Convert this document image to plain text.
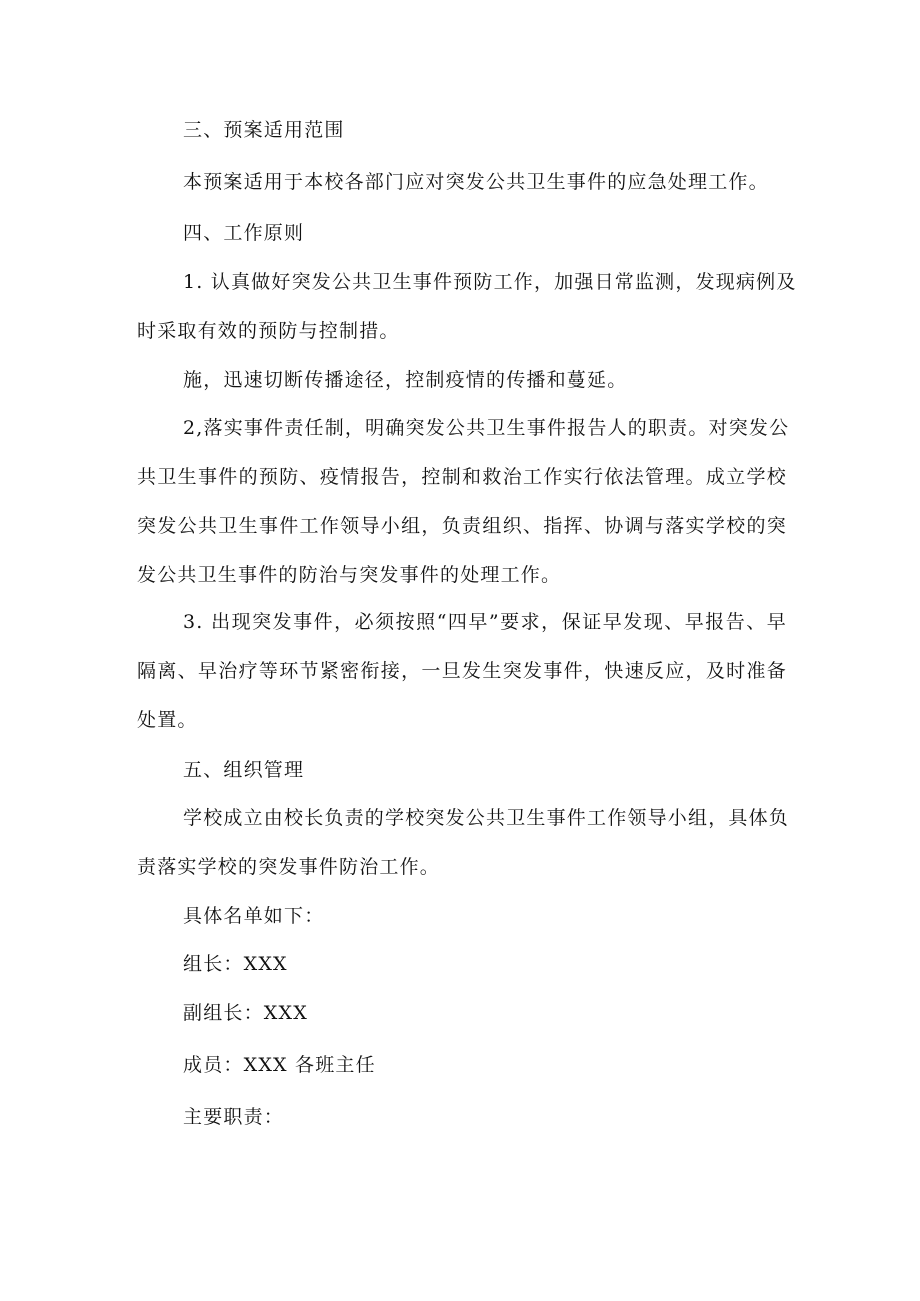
三、预案适用范围
本预案适用于本校各部门应对突发公共卫生事件的应急处理工作。
四、工作原则
1. 认真做好突发公共卫生事件预防工作，加强日常监测，发现病例及
时采取有效的预防与控制措。
施，迅速切断传播途径，控制疫情的传播和蔓延。
2,落实事件责任制，明确突发公共卫生事件报告人的职责。对突发公
共卫生事件的预防、疫情报告，控制和救治工作实行依法管理。成立学校
突发公共卫生事件工作领导小组，负责组织、指挥、协调与落实学校的突
发公共卫生事件的防治与突发事件的处理工作。
3. 出现突发事件，必须按照“四早”要求，保证早发现、早报告、早
隔离、早治疗等环节紧密衔接，一旦发生突发事件，快速反应，及时准备
处置。
五、组织管理
学校成立由校长负责的学校突发公共卫生事件工作领导小组，具体负
责落实学校的突发事件防治工作。
具体名单如下：
组长：XXX
副组长：XXX
成员：XXX 各班主任
主要职责：
